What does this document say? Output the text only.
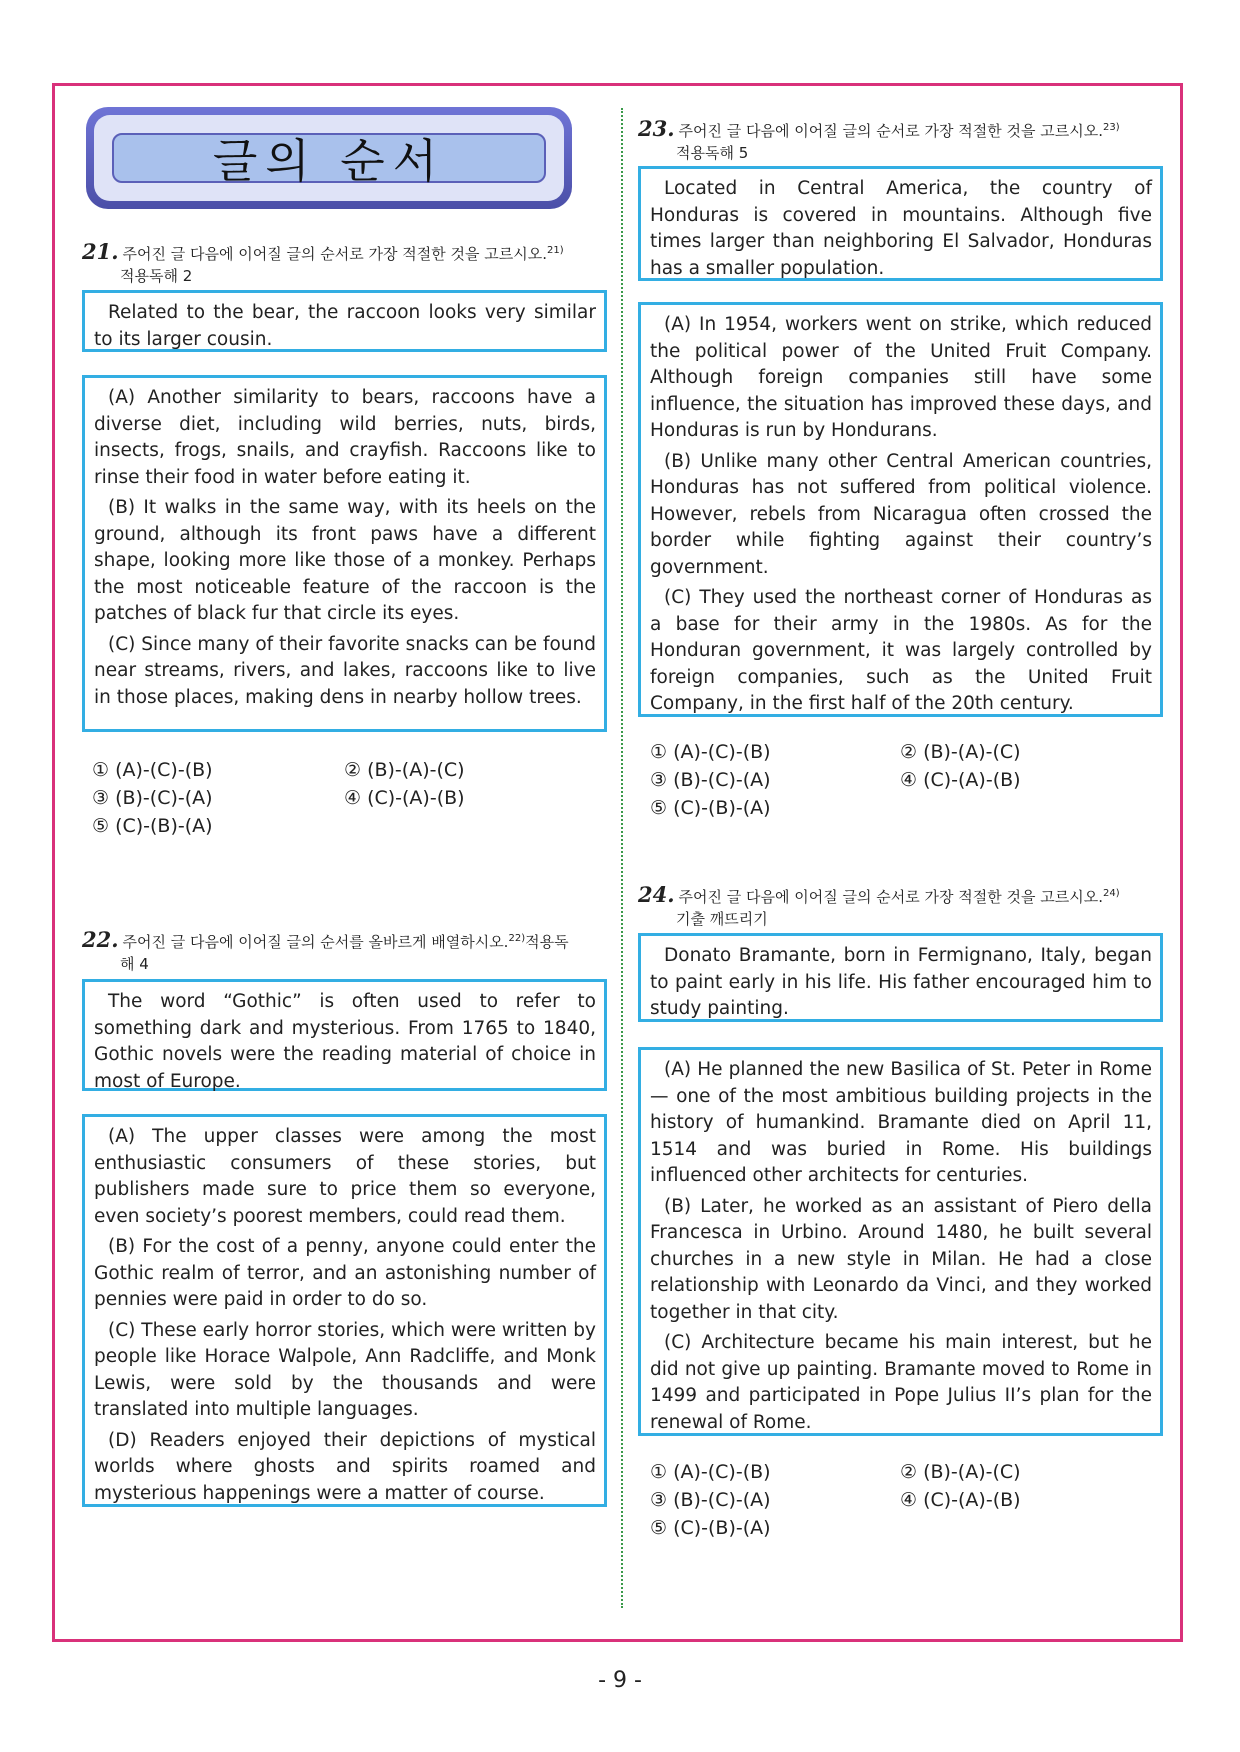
글의 순서
21. 주어진 글 다음에 이어질 글의 순서로 가장 적절한 것을 고르시오.$^{21)}$
적용독해 2

Related to the bear, the raccoon looks very similar to its larger cousin.

(A) Another similarity to bears, raccoons have a diverse diet, including wild berries, nuts, birds, insects, frogs, snails, and crayfish. Raccoons like to rinse their food in water before eating it.

(B) It walks in the same way, with its heels on the ground, although its front paws have a different shape, looking more like those of a monkey. Perhaps the most noticeable feature of the raccoon is the patches of black fur that circle its eyes.

(C) Since many of their favorite snacks can be found near streams, rivers, and lakes, raccoons like to live in those places, making dens in nearby hollow trees.

① (A)-(C)-(B)	② (B)-(A)-(C)
③ (B)-(C)-(A)	④ (C)-(A)-(B)
⑤ (C)-(B)-(A)
22. 주어진 글 다음에 이어질 글의 순서를 올바르게 배열하시오.$^{22)}$적용독
해 4

The word “Gothic” is often used to refer to something dark and mysterious. From 1765 to 1840, Gothic novels were the reading material of choice in most of Europe.

(A) The upper classes were among the most enthusiastic consumers of these stories, but publishers made sure to price them so everyone, even society’s poorest members, could read them.

(B) For the cost of a penny, anyone could enter the Gothic realm of terror, and an astonishing number of pennies were paid in order to do so.

(C) These early horror stories, which were written by people like Horace Walpole, Ann Radcliffe, and Monk Lewis, were sold by the thousands and were translated into multiple languages.

(D) Readers enjoyed their depictions of mystical worlds where ghosts and spirits roamed and mysterious happenings were a matter of course.

23. 주어진 글 다음에 이어질 글의 순서로 가장 적절한 것을 고르시오.$^{23)}$
적용독해 5

Located in Central America, the country of Honduras is covered in mountains. Although five times larger than neighboring El Salvador, Honduras has a smaller population.

(A) In 1954, workers went on strike, which reduced the political power of the United Fruit Company. Although foreign companies still have some influence, the situation has improved these days, and Honduras is run by Hondurans.

(B) Unlike many other Central American countries, Honduras has not suffered from political violence. However, rebels from Nicaragua often crossed the border while fighting against their country’s government.

(C) They used the northeast corner of Honduras as a base for their army in the 1980s. As for the Honduran government, it was largely controlled by foreign companies, such as the United Fruit Company, in the first half of the 20th century.

① (A)-(C)-(B)	② (B)-(A)-(C)
③ (B)-(C)-(A)	④ (C)-(A)-(B)
⑤ (C)-(B)-(A)
24. 주어진 글 다음에 이어질 글의 순서로 가장 적절한 것을 고르시오.$^{24)}$
기출 깨뜨리기

Donato Bramante, born in Fermignano, Italy, began to paint early in his life. His father encouraged him to study painting.

(A) He planned the new Basilica of St. Peter in Rome — one of the most ambitious building projects in the history of humankind. Bramante died on April 11, 1514 and was buried in Rome. His buildings influenced other architects for centuries.

(B) Later, he worked as an assistant of Piero della Francesca in Urbino. Around 1480, he built several churches in a new style in Milan. He had a close relationship with Leonardo da Vinci, and they worked together in that city.

(C) Architecture became his main interest, but he did not give up painting. Bramante moved to Rome in 1499 and participated in Pope Julius II’s plan for the renewal of Rome.

① (A)-(C)-(B)	② (B)-(A)-(C)
③ (B)-(C)-(A)	④ (C)-(A)-(B)
⑤ (C)-(B)-(A)
- 9 -
